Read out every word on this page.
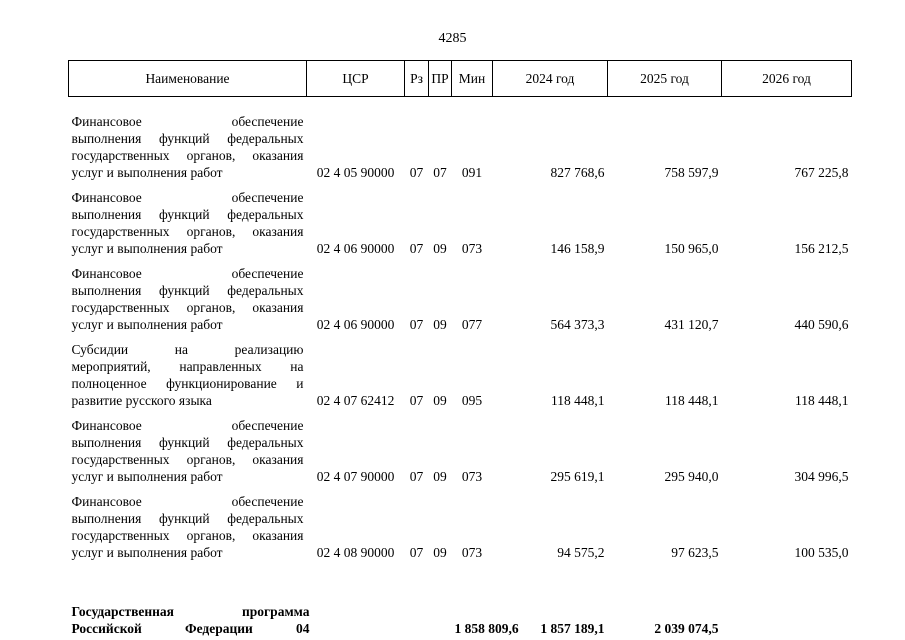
4285
Наименование	ЦСР	Рз	ПР	Мин	2024 год	2025 год	2026 год

Финансовое обеспечение
выполнения функций федеральных
государственных органов, оказания
услуг и выполнения работ	02 4 05 90000	07	07	091	827 768,6	758 597,9	767 225,8

Финансовое обеспечение
выполнения функций федеральных
государственных органов, оказания
услуг и выполнения работ	02 4 06 90000	07	09	073	146 158,9	150 965,0	156 212,5

Финансовое обеспечение
выполнения функций федеральных
государственных органов, оказания
услуг и выполнения работ	02 4 06 90000	07	09	077	564 373,3	431 120,7	440 590,6

Субсидии на реализацию
мероприятий, направленных на
полноценное функционирование и
развитие русского языка	02 4 07 62412	07	09	095	118 448,1	118 448,1	118 448,1

Финансовое обеспечение
выполнения функций федеральных
государственных органов, оказания
услуг и выполнения работ	02 4 07 90000	07	09	073	295 619,1	295 940,0	304 996,5

Финансовое обеспечение
выполнения функций федеральных
государственных органов, оказания
услуг и выполнения работ	02 4 08 90000	07	09	073	94 575,2	97 623,5	100 535,0

Государственная программа
Российской Федерации 04				1 858 809,6	1 857 189,1	2 039 074,5	
